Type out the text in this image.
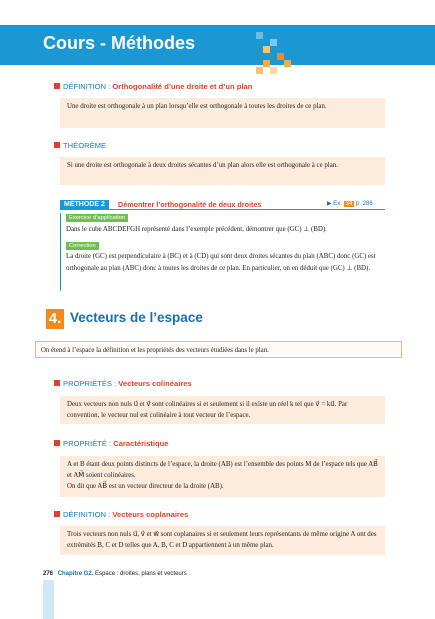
Cours - Méthodes
DÉFINITION : Orthogonalité d’une droite et d’un plan

Une droite est orthogonale à un plan lorsqu’elle est orthogonale à toutes les droites de ce plan.

THÉORÈME

Si une droite est orthogonale à deux droites sécantes d’un plan alors elle est orthogonale à ce plan.

MÉTHODE 2	Démontrer l’orthogonalité de deux droites	▶ Ex. 34 p. 286
Exercice d’application
Dans le cube ABCDEFGH représenté dans l’exemple précédent, démontrer que (GC) ⊥ (BD).
Correction
La droite (GC) est perpendiculaire à (BC) et à (CD) qui sont deux droites sécantes du plan (ABC) donc (GC) est orthogonale au plan (ABC) donc à toutes les droites de ce plan. En particulier, on en déduit que (GC) ⊥ (BD).
4. Vecteurs de l’espace
On étend à l’espace la définition et les propriétés des vecteurs étudiées dans le plan.
PROPRIÉTÉS : Vecteurs colinéaires

Deux vecteurs non nuls u⃗ et v⃗ sont colinéaires si et seulement si il existe un réel k tel que v⃗ = ku⃗. Par convention, le vecteur nul est colinéaire à tout vecteur de l’espace.

PROPRIÉTÉ : Caractéristique

A et B étant deux points distincts de l’espace, la droite (AB) est l’ensemble des points M de l’espace tels que AB⃗ et AM⃗ soient colinéaires.

On dit que AB⃗ est un vecteur directeur de la droite (AB).

DÉFINITION : Vecteurs coplanaires

Trois vecteurs non nuls u⃗, v⃗ et w⃗ sont coplanaires si et seulement leurs représentants de même origine A ont des extrémités B, C et D telles que A, B, C et D appartiennent à un même plan.

276 Chapitre G2. Espace : droites, plans et vecteurs
